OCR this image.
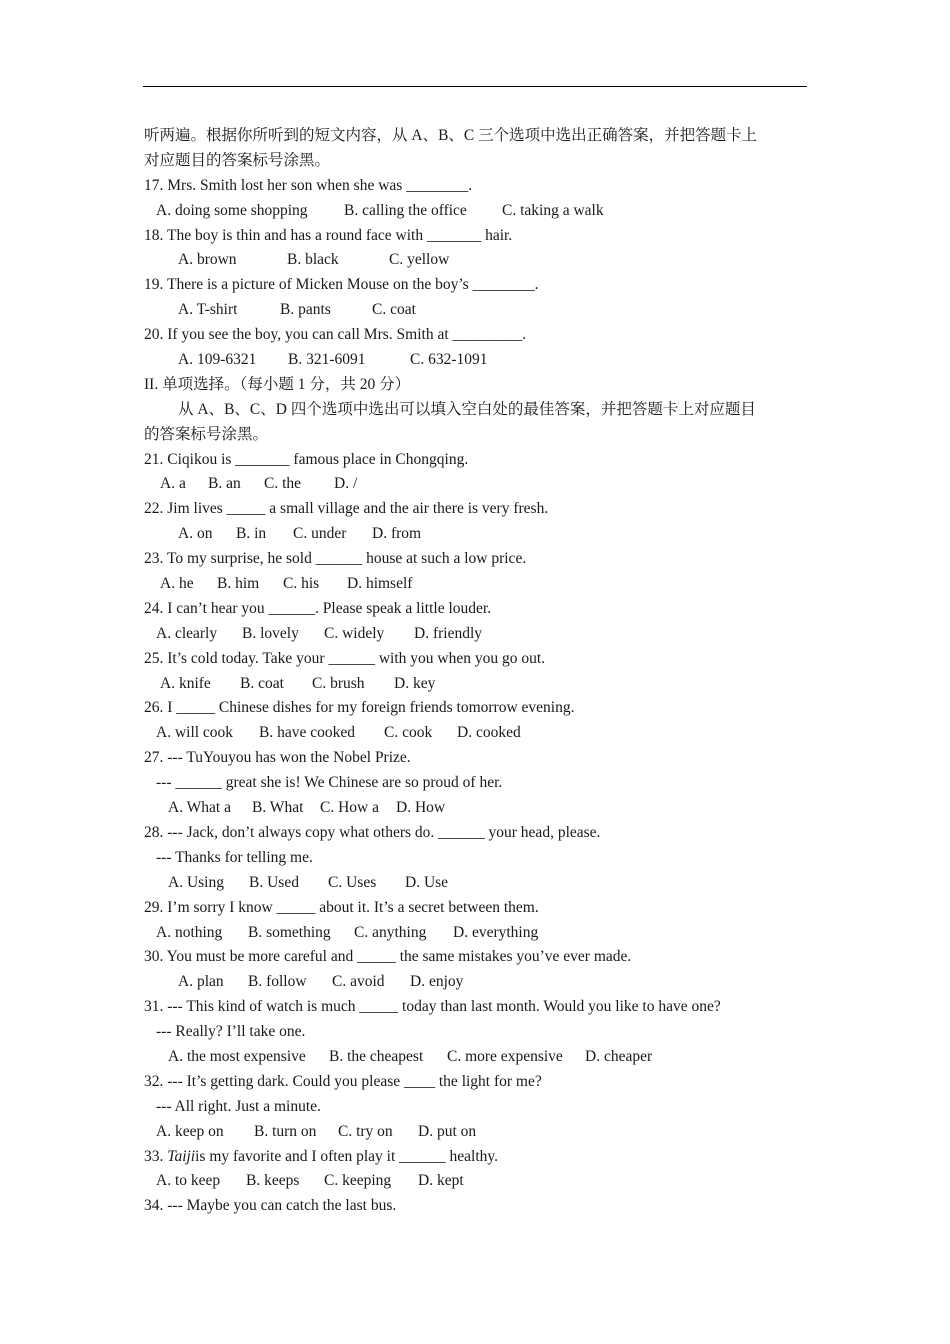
听两遍。根据你所听到的短文内容，从 A、B、C 三个选项中选出正确答案，并把答题卡上
对应题目的答案标号涂黑。
17. Mrs. Smith lost her son when she was ________.
A. doing some shopping B. calling the office C. taking a walk
18. The boy is thin and has a round face with _______ hair.
A. brown	B. black	C. yellow
19. There is a picture of Micken Mouse on the boy’s ________.
A. T-shirt	B. pants	C. coat
20. If you see the boy, you can call Mrs. Smith at _________.
A. 109-6321 B. 321-6091	C. 632-1091
II. 单项选择。（每小题 1 分，共 20 分）
从 A、B、C、D 四个选项中选出可以填入空白处的最佳答案，并把答题卡上对应题目
的答案标号涂黑。
21. Ciqikou is _______ famous place in Chongqing.
A. a B. an C. the D. /
22. Jim lives _____ a small village and the air there is very fresh.
A. on B. in C. under D. from
23. To my surprise, he sold ______ house at such a low price.
A. he B. him C. his D. himself
24. I can’t hear you ______. Please speak a little louder.
A. clearly B. lovely C. widely D. friendly
25. It’s cold today. Take your ______ with you when you go out.
A. knife B. coat C. brush D. key
26. I _____ Chinese dishes for my foreign friends tomorrow evening.
A. will cook B. have cooked C. cook D. cooked
27. --- TuYouyou has won the Nobel Prize.
--- ______ great she is! We Chinese are so proud of her.
A. What a B. What C. How a D. How
28. --- Jack, don’t always copy what others do. ______ your head, please.
--- Thanks for telling me.
A. Using B. Used C. Uses D. Use
29. I’m sorry I know _____ about it. It’s a secret between them.
A. nothing B. something C. anything D. everything
30. You must be more careful and _____ the same mistakes you’ve ever made.
A. plan B. follow C. avoid D. enjoy
31. --- This kind of watch is much _____ today than last month. Would you like to have one?
--- Really? I’ll take one.
A. the most expensive B. the cheapest C. more expensive D. cheaper
32. --- It’s getting dark. Could you please ____ the light for me?
--- All right. Just a minute.
A. keep on B. turn on C. try on D. put on
33. Taijiis my favorite and I often play it ______ healthy.
A. to keep B. keeps C. keeping D. kept
34. --- Maybe you can catch the last bus.
